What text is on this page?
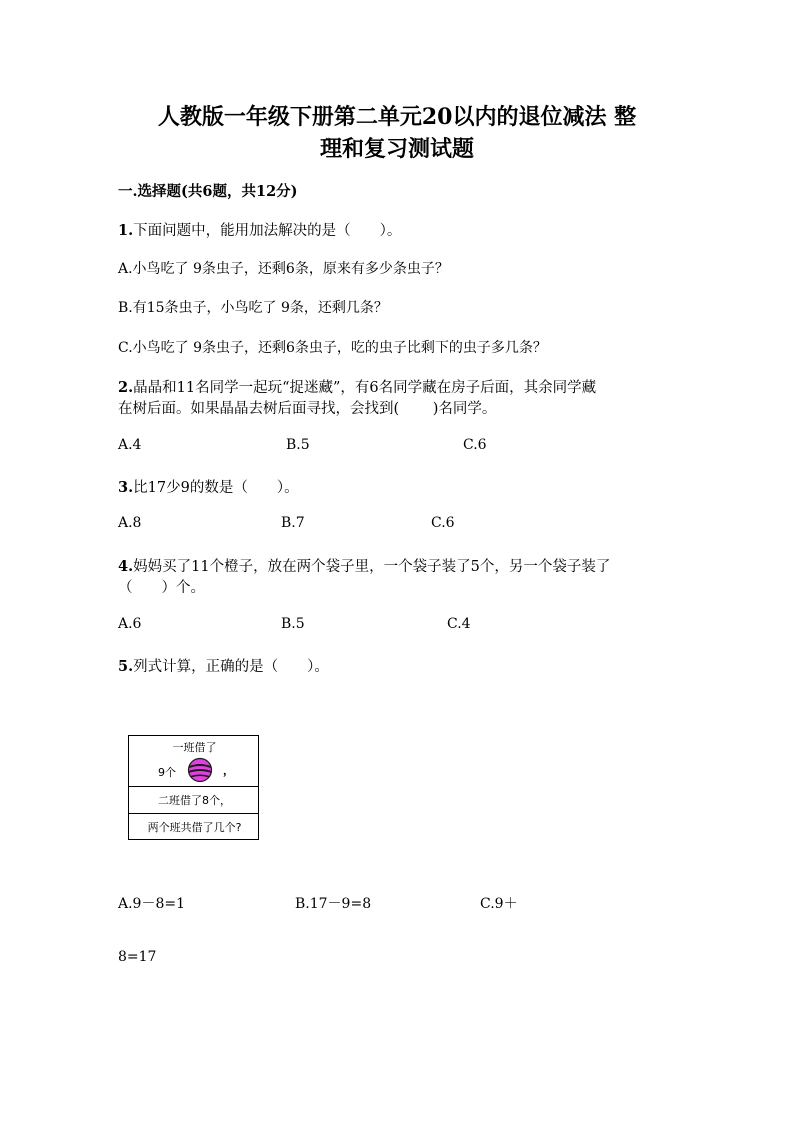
人教版一年级下册第二单元20以内的退位减法 整
理和复习测试题
一.选择题(共6题，共12分)
1.下面问题中，能用加法解决的是（　　）。
A.小鸟吃了 9条虫子，还剩6条，原来有多少条虫子？
B.有15条虫子，小鸟吃了 9条，还剩几条？
C.小鸟吃了 9条虫子，还剩6条虫子，吃的虫子比剩下的虫子多几条？
2.晶晶和11名同学一起玩“捉迷藏”，有6名同学藏在房子后面，其余同学藏
在树后面。如果晶晶去树后面寻找，会找到(　　 )名同学。
A.4	B.5	C.6
3.比17少9的数是（　　）。
A.8	B.7	C.6
4.妈妈买了11个橙子，放在两个袋子里，一个袋子装了5个，另一个袋子装了
（　　）个。
A.6	B.5	C.4
5.列式计算，正确的是（　　）。
一班借了
9个	，
二班借了8个，
两个班共借了几个?
A.9－8=1	B.17－9=8	C.9＋
8=17
